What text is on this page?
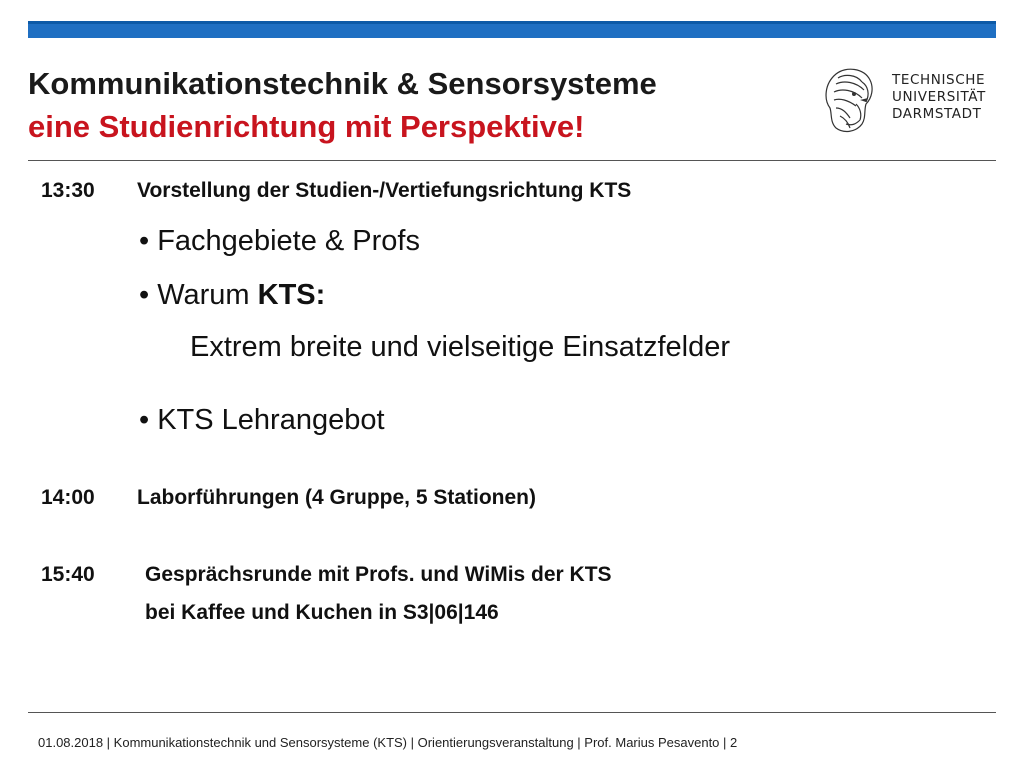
Kommunikationstechnik & Sensorsysteme
eine Studienrichtung mit Perspektive!
TECHNISCHE
UNIVERSITÄT
DARMSTADT
13:30 Vorstellung der Studien-/Vertiefungsrichtung KTS
• Fachgebiete & Profs
• Warum KTS:
Extrem breite und vielseitige Einsatzfelder
• KTS Lehrangebot
14:00 Laborführungen (4 Gruppe, 5 Stationen)
15:40 Gesprächsrunde mit Profs. und WiMis der KTS
bei Kaffee und Kuchen in S3|06|146
01.08.2018 | Kommunikationstechnik und Sensorsysteme (KTS) | Orientierungsveranstaltung | Prof. Marius Pesavento | 2
